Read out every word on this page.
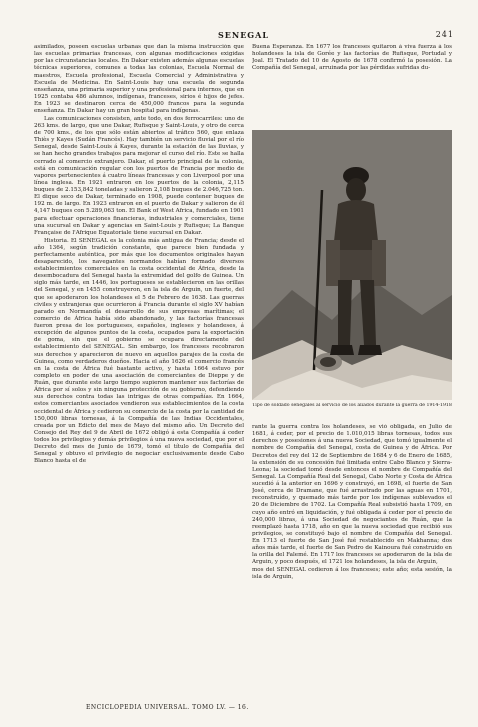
SENEGAL	241

asimilados, poseen escuelas urbanas que dan la misma instrucción que las escuelas primarias francesas, con algunas modificaciones exigidas por las circunstancias locales. En Dakar existen además algunas escuelas técnicas superiores, comunes a todas las colonias, Escuela Normal de maestros, Escuela profesional, Escuela Comercial y Administrativa y Escuela de Medicina. En Saint-Louis hay una escuela de segunda enseñanza, una primaria superior y una profesional para internos, que en 1925 contaba 486 alumnos, indígenas, franceses, sirios é hijos de jefes. En 1923 se destinaron cerca de 450,000 francos para la segunda enseñanza. En Dakar hay un gran hospital para indígenas.

Las comunicaciones consisten, ante todo, en dos ferrocarriles: uno de 263 kms. de largo, que une Dakar, Rufisque y Saint-Louis, y otro de cerca de 700 kms., de los que sólo están abiertos al tráfico 560, que enlaza Thiès y Kayes (Sudán Francés). Hay también un servicio fluvial por el río Senegal, desde Saint-Louis á Kayes, durante la estación de las lluvias, y se han hecho grandes trabajos para mejorar el curso del río. Este se halla cerrado al comercio extranjero. Dakar, el puerto principal de la colonia, está en comunicación regular con los puertos de Francia por medio de vapores pertenecientes á cuatro líneas francesas y con Liverpool por una línea inglesa. En 1921 entraron en los puertos de la colonia, 2,115 buques de 2.153,842 toneladas y salieron 2,108 buques de 2.046,725 ton. El dique seco de Dakar, terminado en 1908, puede contener buques de 192 m. de largo. En 1923 entraron en el puerto de Dakar y salieron de él 4,147 buques con 5.289,063 ton. El Bank of West Africa, fundado en 1901 para efectuar operaciones financieras, industriales y comerciales, tiene una sucursal en Dakar y agencias en Saint-Louis y Rufisque; La Banque Française de l'Afrique Equatoriale tiene sucursal en Dakar.

Historia. El SENEGAL es la colonia más antigua de Francia; desde el año 1364, según tradición constante, que parece bien fundada y perfectamente auténtica, por más que los documentos originales hayan desaparecido, los navegantes normandos habían formado diversos establecimientos comerciales en la costa occidental de África, desde la desembocadura del Senegal hasta la extremidad del golfo de Guinea. Un siglo más tarde, en 1446, los portugueses se establecieron en las orillas del Senegal, y en 1455 construyeron, en la isla de Arguin, un fuerte, del que se apoderaron los holandeses el 5 de Febrero de 1638. Las guerras civiles y extranjeras que ocurrieron á Francia durante el siglo XV habían parado en Normandía el desarrollo de sus empresas marítimas; el comercio de África había sido abandonado, y las factorías francesas fueron presa de los portugueses, españoles, ingleses y holandeses, á excepción de algunos puntos de la costa, ocupados para la exportación de goma, sin que el gobierno se ocupara directamente del establecimiento del SENEGAL. Sin embargo, los franceses recobraron sus derechos y aparecieron de nuevo en aquellos parajes de la costa de Guinea, como verdaderos dueños. Hacia el año 1626 el comercio francés en la costa de África fué bastante activo, y hasta 1664 estuvo por completo en poder de una asociación de comerciantes de Dieppe y de Ruán, que durante este largo tiempo supieron mantener sus factorías de África por sí solos y sin ninguna protección de su gobierno, defendiendo sus derechos contra todas las intrigas de otras compañías. En 1664, estos comerciantes asociados vendieron sus establecimientos de la costa occidental de África y cedieron su comercio de la costa por la cantidad de 150,000 libras tornesas, á la Compañía de las Indias Occidentales, creada por un Edicto del mes de Mayo del mismo año. Un Decreto del Consejo del Rey del 9 de Abril de 1672 obligó á esta Compañía á ceder todos los privilegios y demás privilegios á una nueva sociedad, que por el Decreto del mes de Junio de 1679, tomó el título de Compañía del Senegal y obtuvo el privilegio de negociar exclusivamente desde Cabo Blanco hasta el de

Buena Esperanza. En 1677 los franceses quitaron á viva fuerza á los holandeses la isla de Gorée y las factorías de Rufisque, Portudal y Joal. El Tratado del 10 de Agosto de 1678 confirmó la posesión. La Compañía del Senegal, arruinada por las pérdidas sufridas du-

Tipo de soldado senegalés al servicio de los aliados durante la guerra de 1914-1918

rante la guerra contra los holandeses, se vió obligada, en Julio de 1681, á ceder, por el precio de 1.010,015 libras tornesas, todos sus derechos y posesiones á una nueva Sociedad, que tomó igualmente el nombre de Compañía del Senegal, costa de Guinea y de África. Por Decretos del rey del 12 de Septiembre de 1684 y 6 de Enero de 1685, la extensión de su concesión fué limitada entre Cabo Blanco y Sierra-Leona; la sociedad tomó desde entonces el nombre de Compañía del Senegal. La Compañía Real del Senegal, Cabo Norte y Costa de África sucedió á la anterior en 1696 y construyó, en 1698, el fuerte de San José, cerca de Dramane, que fué arrastrado por las aguas en 1701, reconstruído, y quemado más tarde por los indígenas sublevados el 20 de Diciembre de 1702. La Compañía Real subsistió hasta 1709, en cuyo año entró en liquidación, y fué obligada á ceder por el precio de 240,000 libras, á una Sociedad de negociantes de Ruán, que la reemplazó hasta 1718, año en que la nueva sociedad que recibió sus privilegios, se constituyó bajo el nombre de Compañía del Senegal. En 1713 el fuerte de San José fué restablecido en Makhanna; dos años más tarde, el fuerte de San Pedro de Kainoura fué construido en la orilla del Falemé. En 1717 los franceses se apoderaron de la isla de Arguin, y poco después, el 1721 los holandeses, la isla de Arguin,

mos del SENEGAL cedieron á los franceses; este año; esta sesión, la isla de Arguin,

ENCICLOPEDIA UNIVERSAL. TOMO LV. — 16.
